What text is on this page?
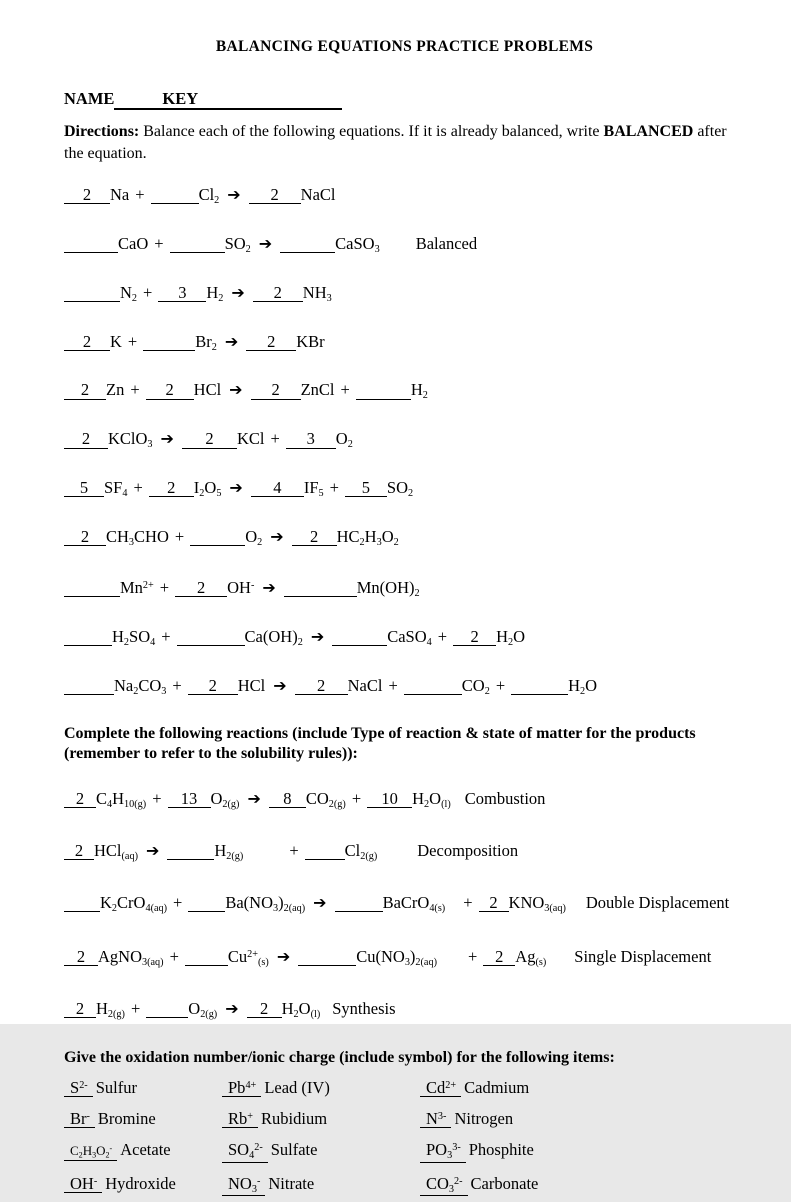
BALANCING EQUATIONS PRACTICE PROBLEMS
NAME	KEY

Directions: Balance each of the following equations. If it is already balanced, write BALANCED after the equation.

2 Na +	Cl2 ➔ 2 NaCl
CaO +	SO2 ➔	CaSO3 Balanced
N2 + 3 H2 ➔ 2 NH3
2 K +	Br2 ➔ 2 KBr
2 Zn + 2 HCl ➔ 2 ZnCl +	H2
2 KClO3 ➔ 2 KCl + 3 O2
5 SF4 + 2 I2O5 ➔ 4 IF5 + 5 SO2
2 CH3CHO +	O2 ➔ 2 HC2H3O2
$Mn^{2+} + 2$ OH- ➔	Mn(OH)2
H2SO4 +	Ca(OH)2 ➔	CaSO4 + 2 H2O
Na2CO3 + 2 HCl ➔ 2 NaCl +	CO2 +	H2O

Complete the following reactions (include Type of reaction & state of matter for the products (remember to refer to the solubility rules)):

2 C4H10(g) + 13 O2(g) ➔ 8 CO2(g) + 10 H2O(l) Combustion
2 HCl(aq) ➔	H2(g)	+	Cl2(g) Decomposition
K2CrO4(aq) +	Ba(NO3)2(aq) ➔	BaCrO4(s) + 2 KNO3(aq) Double Displacement
2 AgNO3(aq) +	$Cu^{2+}(s)$ ➔	Cu(NO3)2(aq) + 2 Ag(s) Single Displacement
2 H2(g) +	O2(g) ➔ 2 H2O(l) Synthesis

Give the oxidation number/ionic charge (include symbol) for the following items:

$S^{2-}$ Sulfur	$Pb^{4+}$ Lead (IV)	$Cd^{2+}$ Cadmium
Br- Bromine	Rb+ Rubidium	$N^{3-}$ Nitrogen
C2H3O2- Acetate	$SO4^{2-}$ Sulfate	$PO3^{3-}$ Phosphite
OH- Hydroxide	NO3- Nitrate	$CO3^{2-}$ Carbonate
